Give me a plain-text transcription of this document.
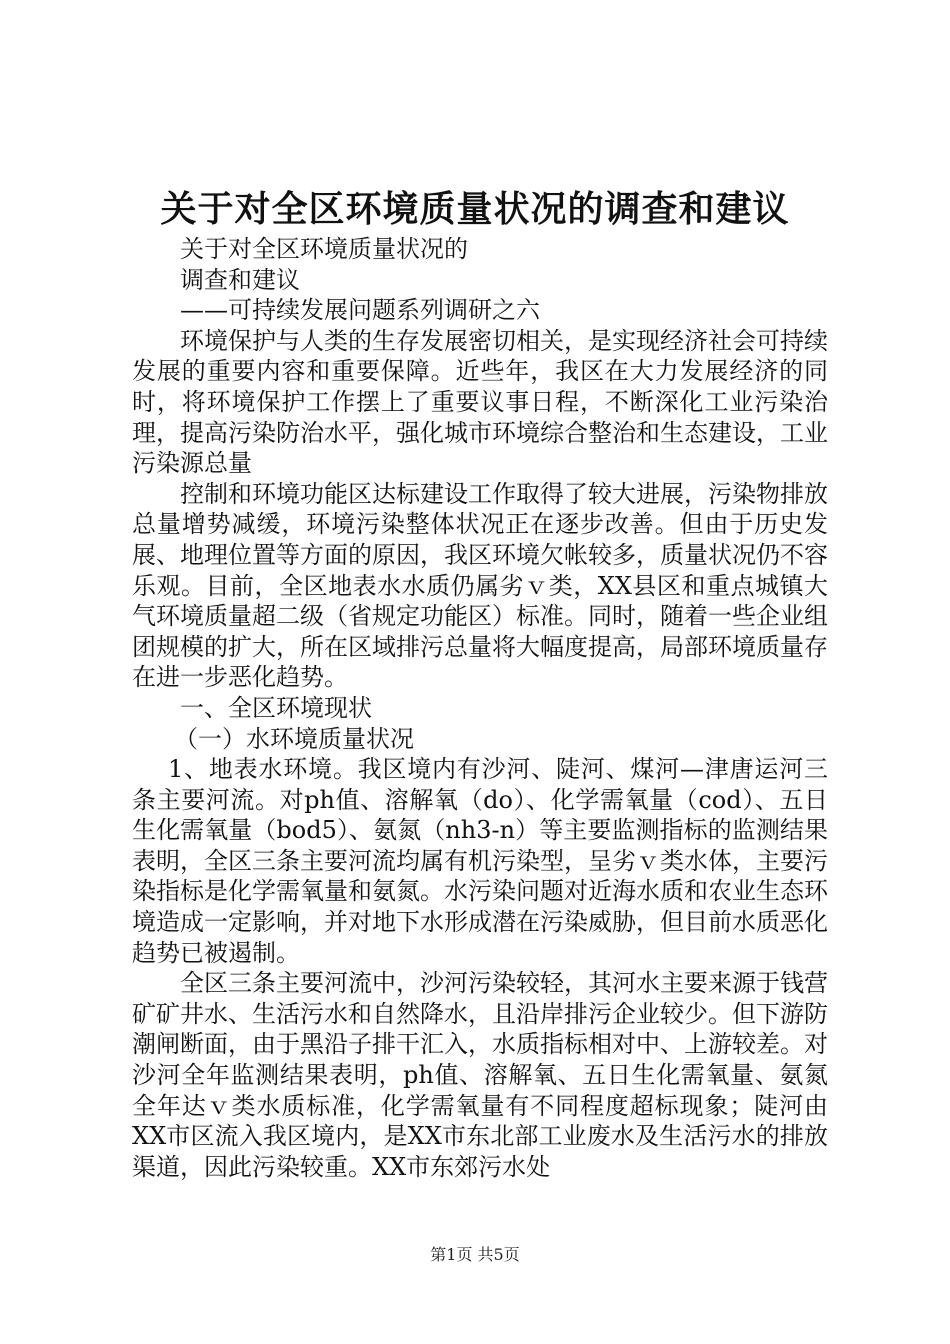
关于对全区环境质量状况的调查和建议

关于对全区环境质量状况的

调查和建议

——可持续发展问题系列调研之六

环境保护与人类的生存发展密切相关，是实现经济社会可持续发展的重要内容和重要保障。近些年，我区在大力发展经济的同时，将环境保护工作摆上了重要议事日程，不断深化工业污染治理，提高污染防治水平，强化城市环境综合整治和生态建设，工业污染源总量

控制和环境功能区达标建设工作取得了较大进展，污染物排放总量增势减缓，环境污染整体状况正在逐步改善。但由于历史发展、地理位置等方面的原因，我区环境欠帐较多，质量状况仍不容乐观。目前，全区地表水水质仍属劣ｖ类，XX县区和重点城镇大气环境质量超二级（省规定功能区）标准。同时，随着一些企业组团规模的扩大，所在区域排污总量将大幅度提高，局部环境质量存在进一步恶化趋势。

一、全区环境现状

（一）水环境质量状况

1、地表水环境。我区境内有沙河、陡河、煤河—津唐运河三条主要河流。对ph值、溶解氧（do）、化学需氧量（cod）、五日生化需氧量（bod5）、氨氮（nh3-n）等主要监测指标的监测结果表明，全区三条主要河流均属有机污染型，呈劣ｖ类水体，主要污染指标是化学需氧量和氨氮。水污染问题对近海水质和农业生态环境造成一定影响，并对地下水形成潜在污染威胁，但目前水质恶化趋势已被遏制。

全区三条主要河流中，沙河污染较轻，其河水主要来源于钱营矿矿井水、生活污水和自然降水，且沿岸排污企业较少。但下游防潮闸断面，由于黑沿子排干汇入，水质指标相对中、上游较差。对沙河全年监测结果表明，ph值、溶解氧、五日生化需氧量、氨氮全年达ｖ类水质标准，化学需氧量有不同程度超标现象；陡河由XX市区流入我区境内，是XX市东北部工业废水及生活污水的排放渠道，因此污染较重。XX市东郊污水处

第1页 共5页
